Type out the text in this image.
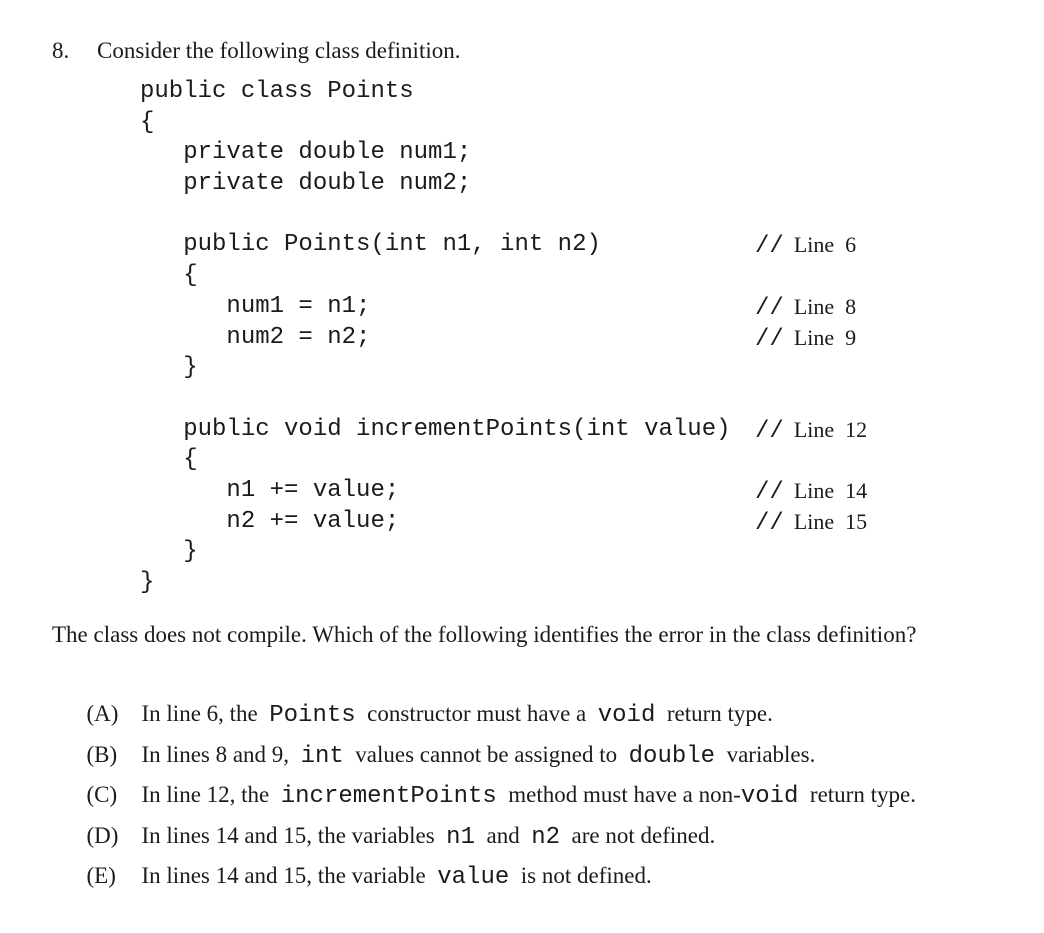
8.	Consider the following class definition.
public class Points
{
private double num1;
private double num2;
public Points(int n1, int n2)	// Line  6
{
num1 = n1;	// Line  8
num2 = n2;	// Line  9
}
public void incrementPoints(int value) // Line  12
{
n1 += value;	// Line  14
n2 += value;	// Line  15
}
}
The class does not compile. Which of the following identifies the error in the class definition?

(A) In line 6, the  Points  constructor must have a  void  return type.

(B) In lines 8 and 9,  int  values cannot be assigned to  double  variables.

(C) In line 12, the  incrementPoints  method must have a non-void  return type.

(D) In lines 14 and 15, the variables  n1  and  n2  are not defined.

(E) In lines 14 and 15, the variable  value  is not defined.
